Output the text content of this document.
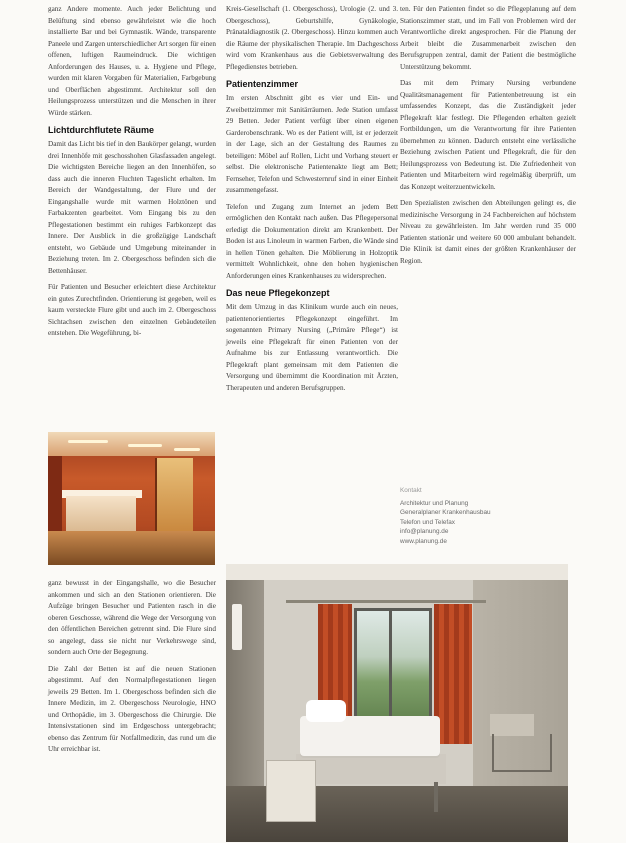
ganz Andere momente. Auch jeder Belichtung und Belüftung sind ebenso gewährleistet wie die hoch installierte Bar und bei Gymnastik. Wände, transparente Paneele und Zargen unterschiedlicher Art sorgen für einen offenen, luftigen Raumeindruck. Die wichtigen Anforderungen des Hauses, u. a. Hygiene und Pflege, wurden mit klaren Vorgaben für Materialien, Farbgebung und Oberflächen abgestimmt. Architektur soll den Heilungsprozess unterstützen und die Menschen in ihrer Würde stärken.

Lichtdurchflutete Räume

Damit das Licht bis tief in den Baukörper gelangt, wurden drei Innenhöfe mit geschosshohen Glasfassaden angelegt. Die wichtigsten Bereiche liegen an den Innenhöfen, so dass auch die inneren Fluchten Tageslicht erhalten. Im Bereich der Wandgestaltung, der Flure und der Eingangshalle wurde mit warmen Holztönen und Farbakzenten gearbeitet. Vom Eingang bis zu den Pflegestationen bestimmt ein ruhiges Farbkonzept das Innere. Der Ausblick in die großzügige Landschaft entsteht, wo Gebäude und Umgebung miteinander in Beziehung treten. Im 2. Obergeschoss befinden sich die Bettenhäuser.

Für Patienten und Besucher erleichtert diese Architektur ein gutes Zurechtfinden. Orientierung ist gegeben, weil es kaum versteckte Flure gibt und auch im 2. Obergeschoss Sichtachsen zwischen den einzelnen Gebäudeteilen entstehen. Die Wegeführung, bi-

Kreis-Gesellschaft (1. Obergeschoss), Urologie (2. und 3. Obergeschoss), Geburtshilfe, Gynäkologie, Pränataldiagnostik (2. Obergeschoss). Hinzu kommen auch die Räume der physikalischen Therapie. Im Dachgeschoss wird vom Krankenhaus aus die Gebietsverwaltung des Pflegedienstes betrieben.

Patientenzimmer

Im ersten Abschnitt gibt es vier und Ein- und Zweibettzimmer mit Sanitärräumen. Jede Station umfasst 29 Betten. Jeder Patient verfügt über einen eigenen Garderobenschrank. Wo es der Patient will, ist er jederzeit in der Lage, sich an der Gestaltung des Raumes zu beteiligen: Möbel auf Rollen, Licht und Vorhang steuert er selbst. Die elektronische Patientenakte liegt am Bett; Fernseher, Telefon und Schwesternruf sind in einer Einheit zusammengefasst.

Telefon und Zugang zum Internet an jedem Bett ermöglichen den Kontakt nach außen. Das Pflegepersonal erledigt die Dokumentation direkt am Krankenbett. Der Boden ist aus Linoleum in warmen Farben, die Wände sind in hellen Tönen gehalten. Die Möblierung in Holzoptik vermittelt Wohnlichkeit, ohne den hohen hygienischen Anforderungen eines Krankenhauses zu widersprechen.

Das neue Pflegekonzept

Mit dem Umzug in das Klinikum wurde auch ein neues, patientenorientiertes Pflegekonzept eingeführt. Im sogenannten Primary Nursing („Primäre Pflege“) ist jeweils eine Pflegekraft für einen Patienten von der Aufnahme bis zur Entlassung verantwortlich. Die Pflegekraft plant gemeinsam mit dem Patienten die Versorgung und übernimmt die Koordination mit Ärzten, Therapeuten und anderen Berufsgruppen.

ten. Für den Patienten findet so die Pflegeplanung auf dem Stationszimmer statt, und im Fall von Problemen wird der Verantwortliche direkt angesprochen. Für die Planung der Arbeit bleibt die Zusammenarbeit zwischen den Berufsgruppen zentral, damit der Patient die bestmögliche Unterstützung bekommt.

Das mit dem Primary Nursing verbundene Qualitätsmanagement für Patientenbetreuung ist ein umfassendes Konzept, das die Zuständigkeit jeder Pflegekraft klar festlegt. Die Pflegenden erhalten gezielt Fortbildungen, um die Verantwortung für ihre Patienten übernehmen zu können. Dadurch entsteht eine verlässliche Beziehung zwischen Patient und Pflegekraft, die für den Heilungsprozess von Bedeutung ist. Die Zufriedenheit von Patienten und Mitarbeitern wird regelmäßig überprüft, um das Konzept weiterzuentwickeln.

Den Spezialisten zwischen den Abteilungen gelingt es, die medizinische Versorgung in 24 Fachbereichen auf höchstem Niveau zu gewährleisten. Im Jahr werden rund 35 000 Patienten stationär und weitere 60 000 ambulant behandelt. Die Klinik ist damit eines der größten Krankenhäuser der Region.

Kontakt
Architektur und Planung
Generalplaner Krankenhausbau
Telefon und Telefax
info@planung.de
www.planung.de

ganz bewusst in der Eingangshalle, wo die Besucher ankommen und sich an den Stationen orientieren. Die Aufzüge bringen Besucher und Patienten rasch in die oberen Geschosse, während die Wege der Versorgung von den öffentlichen Bereichen getrennt sind. Die Flure sind so angelegt, dass sie nicht nur Verkehrswege sind, sondern auch Orte der Begegnung.

Die Zahl der Betten ist auf die neuen Stationen abgestimmt. Auf den Normalpflegestationen liegen jeweils 29 Betten. Im 1. Obergeschoss befinden sich die Innere Medizin, im 2. Obergeschoss Neurologie, HNO und Orthopädie, im 3. Obergeschoss die Chirurgie. Die Intensivstationen sind im Erdgeschoss untergebracht; ebenso das Zentrum für Notfallmedizin, das rund um die Uhr erreichbar ist.
